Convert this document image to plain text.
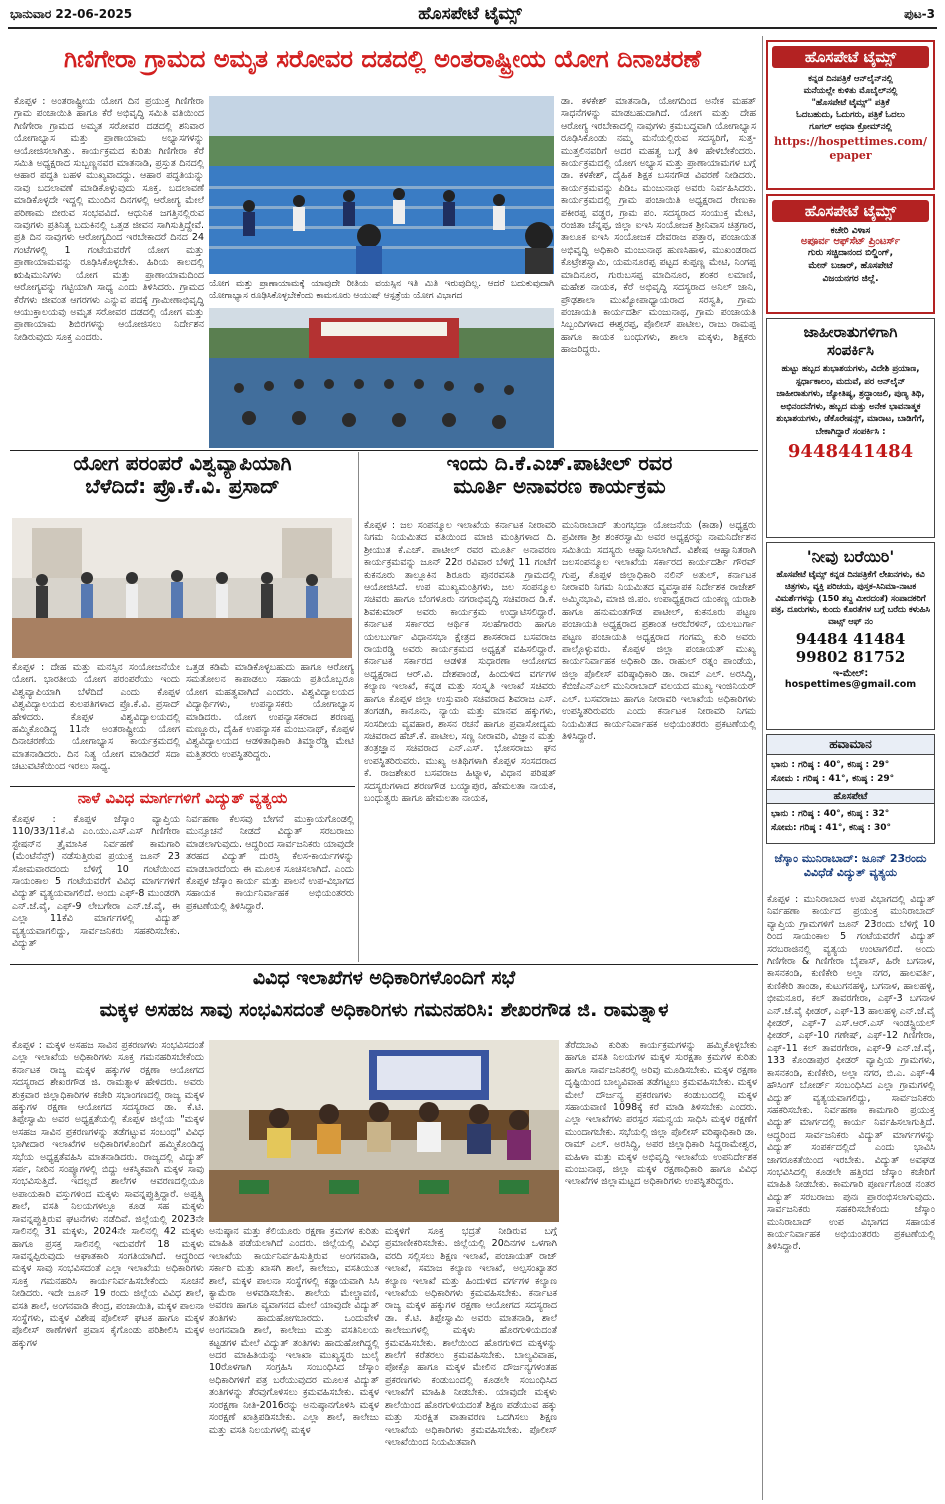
ಭಾನುವಾರ 22-06-2025	ಹೊಸಪೇಟೆ ಟೈಮ್ಸ್	ಪುಟ-3
ಗಿಣಿಗೇರಾ ಗ್ರಾಮದ ಅಮೃತ ಸರೋವರ ದಡದಲ್ಲಿ ಅಂತರಾಷ್ಟ್ರೀಯ ಯೋಗ ದಿನಾಚರಣೆ
ಕೊಪ್ಪಳ : ಅಂತರಾಷ್ಟ್ರೀಯ ಯೋಗ ದಿನ ಪ್ರಯುಕ್ತ ಗಿಣಿಗೇರಾ ಗ್ರಾಮ ಪಂಚಾಯಿತಿ ಹಾಗೂ ಕೆರೆ ಅಭಿವೃದ್ಧಿ ಸಮಿತಿ ವತಿಯಿಂದ ಗಿಣಿಗೇರಾ ಗ್ರಾಮದ ಅಮೃತ ಸರೋವರ ದಡದಲ್ಲಿ ಶನಿವಾರ ಯೋಗಾಭ್ಯಾಸ ಮತ್ತು ಪ್ರಾಣಾಯಾಮ ಅಭ್ಯಾಸಗಳನ್ನು ಆಯೋಜಿಸಲಾಗಿತ್ತು. ಕಾರ್ಯಕ್ರಮದ ಕುರಿತು ಗಿಣಿಗೇರಾ ಕೆರೆ ಸಮಿತಿ ಅಧ್ಯಕ್ಷರಾದ ಸುಬ್ಬಣ್ಣನವರ ಮಾತನಾಡಿ, ಪ್ರಸ್ತುತ ದಿನದಲ್ಲಿ ಆಹಾರ ಪದ್ಧತಿ ಬಹಳ ಮುಖ್ಯವಾದದ್ದು. ಆಹಾರ ಪದ್ಧತಿಯನ್ನು ನಾವು ಬದಲಾವಣೆ ಮಾಡಿಕೊಳ್ಳುವುದು ಸೂಕ್ತ. ಬದಲಾವಣೆ ಮಾಡಿಕೊಳ್ಳದೇ ಇದ್ದಲ್ಲಿ ಮುಂದಿನ ದಿನಗಳಲ್ಲಿ ಆರೋಗ್ಯ ಮೇಲೆ ಪರಿಣಾಮ ಬೀರುವ ಸಂಭವವಿದೆ. ಆಧುನಿಕ ಜಗತ್ತಿನಲ್ಲಿರುವ ನಾವುಗಳು ಪ್ರತಿನಿತ್ಯ ಬದುಕಿನಲ್ಲಿ ಒತ್ತಡ ಜೀವನ ಸಾಗಿಸುತ್ತಿದ್ದೇವೆ. ಪ್ರತಿ ದಿನ ನಾವುಗಳು ಆರೋಗ್ಯದಿಂದ ಇರಬೇಕಾದರೆ ದಿನದ 24 ಗಂಟೆಗಳಲ್ಲಿ 1 ಗಂಟೆಯವರೆಗೆ ಯೋಗ ಮತ್ತು ಪ್ರಾಣಾಯಾಮವನ್ನು ರೂಢಿಸಿಕೊಳ್ಳಬೇಕು. ಹಿರಿಯ ಕಾಲದಲ್ಲಿ ಋಷಿಮುನಿಗಳು ಯೋಗ ಮತ್ತು ಪ್ರಾಣಾಯಾಮದಿಂದ ಆರೋಗ್ಯವನ್ನು ಗಟ್ಟಿಯಾಗಿ ಸಾಧ್ಯ ಎಂದು ತಿಳಿಸಿದರು. ಗ್ರಾಮದ ಕೆರೆಗಳು ಜೀವಂತ ಆಗರಗಳು ಎನ್ನುವ ಪದಕ್ಕೆ ಗ್ರಾಮೀಣಾಭಿವೃದ್ಧಿ ಆಯುಕ್ತಾಲಯವು ಅಮೃತ ಸರೋವರ ದಡದಲ್ಲಿ ಯೋಗ ಮತ್ತು ಪ್ರಾಣಾಯಾಮ ಶಿಬಿರಗಳನ್ನು ಆಯೋಜಿಸಲು ನಿರ್ದೇಶನ ನೀಡಿರುವುದು ಸೂಕ್ತ ಎಂದರು.
ಡಾ. ಕಳಕೇಶ್ ಮಾತನಾಡಿ, ಯೋಗದಿಂದ ಅನೇಕ ಮಹತ್ ಸಾಧನೆಗಳನ್ನು ಮಾಡಬಹುದಾಗಿದೆ. ಯೋಗ ಮತ್ತು ದೇಹ ಆರೋಗ್ಯ ಇರಬೇಕಾದಲ್ಲಿ ನಾವುಗಳು ಕ್ರಮಬದ್ಧವಾಗಿ ಯೋಗಾಭ್ಯಾಸ ರೂಢಿಸಿಕೊಂಡು ನಮ್ಮ ಮನೆಯಲ್ಲಿರುವ ಸದಸ್ಯರಿಗೆ, ಸುತ್ತ-ಮುತ್ತಲಿನವರಿಗೆ ಅದರ ಮಹತ್ವ ಬಗ್ಗೆ ತಿಳಿ ಹೇಳಬೇಕೆಂದರು. ಕಾರ್ಯಕ್ರಮದಲ್ಲಿ ಯೋಗ ಅಭ್ಯಾಸ ಮತ್ತು ಪ್ರಾಣಾಯಾಮಗಳ ಬಗ್ಗೆ ಡಾ. ಕಳಕೇಶ್, ದೈಹಿಕ ಶಿಕ್ಷಕ ಬಸನಗೌಡ ವಿವರಣೆ ನೀಡಿದರು. ಕಾರ್ಯಕ್ರಮವನ್ನು ಪಿಡಿಒ ಮಂಜುನಾಥ ಅವರು ನಿರ್ವಹಿಸಿದರು. ಕಾರ್ಯಕ್ರಮದಲ್ಲಿ ಗ್ರಾಮ ಪಂಚಾಯಿತಿ ಅಧ್ಯಕ್ಷರಾದ ರೇಣುಕಾ ಪಕೀರಪ್ಪ ವಡ್ಡರ, ಗ್ರಾಮ ಪಂ. ಸದಸ್ಯರಾದ ಸಂಯುಕ್ತ ಮೇಟಿ, ರಂಜಿತಾ ಚೆನ್ನಪ್ಪ, ಜಿಲ್ಲಾ ಐಇಸಿ ಸಂಯೋಜಕ ಶ್ರೀನಿವಾಸ ಚಿತ್ರಗಾರ, ತಾಲೂಕ ಐಇಸಿ ಸಂಯೋಜಕ ದೇವರಾಜ ಪತ್ತಾರ, ಪಂಚಾಯತ ಅಭಿವೃದ್ಧಿ ಅಧಿಕಾರಿ ಮಂಜುನಾಥ ಹುಣಸಿಹಾಳ, ಮುಖಂಡರಾದ ಕೊಟ್ರೇಶಸ್ವಾಮಿ, ಯಮನೂರಪ್ಪ ಪಟ್ಟದ ಕುಪ್ಪಣ್ಣ ಮೇಟಿ, ನಿಂಗಪ್ಪ ಮಾದಿನೂರ, ಗುರುಬಸಪ್ಪ ಮಾದಿನೂರ, ಶಂಕರ ಲಮಾಣಿ, ಮಹೇಶ ನಾಯಕ, ಕೆರೆ ಅಭಿವೃದ್ಧಿ ಸದಸ್ಯರಾದ ಅನಿಲ್ ಜಾನಿ, ಪ್ರೌಢಶಾಲಾ ಮುಖ್ಯೋಪಾಧ್ಯಾಯರಾದ ಸರಸ್ವತಿ, ಗ್ರಾಮ ಪಂಚಾಯತಿ ಕಾರ್ಯದರ್ಶಿ ಮಂಜುನಾಥ, ಗ್ರಾಮ ಪಂಚಾಯತಿ ಸಿಬ್ಬಂದಿಗಳಾದ ಈಶ್ವರಪ್ಪ, ಪೊಲೀಸ್ ಪಾಟೀಲ, ರಾಜು ರಾಮಪ್ಪ ಹಾಗೂ ಕಾಯಕ ಬಂಧುಗಳು, ಶಾಲಾ ಮಕ್ಕಳು, ಶಿಕ್ಷಕರು ಹಾಜರಿದ್ದರು.
ಯೋಗ ಮತ್ತು ಪ್ರಾಣಾಯಾಮಕ್ಕೆ ಯಾವುದೇ ರೀತಿಯ ವಯಸ್ಸಿನ ಇತಿ ಮಿತಿ ಇರುವುದಿಲ್ಲ. ಆದರೆ ಬದುಕುವುದಾಗಿ ಯೋಗಾಭ್ಯಾಸ ರೂಢಿಸಿಕೊಳ್ಳಬೇಕೆಂದು ಕಾಮನೂರು ಆಯುಷ್ ಆಸ್ಪತ್ರೆಯ ಯೋಗ ವಿಭಾಗದ
ಹೊಸಪೇಟೆ ಟೈಮ್ಸ್
ಕನ್ನಡ ದಿನಪತ್ರಿಕೆ ಆನ್‌ಲೈನ್‌ನಲ್ಲಿ
ಮನೆಯಲ್ಲೇ ಕುಳಿತು ಮೊಬೈಲ್‌ನಲ್ಲಿ
"ಹೊಸಪೇಟೆ ಟೈಮ್ಸ್" ಪತ್ರಿಕೆ
ಓದಬಹುದು, ಓದುಗರು, ಪತ್ರಿಕೆ ಓದಲು
ಗೂಗಲ್ ಅಥವಾ ಕ್ರೋಮ್‌ನಲ್ಲಿ
https://hospettimes.com/epaper
ಹೊಸಪೇಟೆ ಟೈಮ್ಸ್
ಕಚೇರಿ ವಿಳಾಸ
ಅಪೂರ್ವ ಆಫ್‌ಸೆಟ್ ಪ್ರಿಂಟರ್ಸ್
ಗುರು ಸಚ್ಚಿದಾನಂದ ಬಿಲ್ಡಿಂಗ್,
ಮೇನ್ ಬಜಾರ್, ಹೊಸಪೇಟೆ
ವಿಜಯನಗರ ಜಿಲ್ಲೆ.
ಜಾಹೀರಾತುಗಳಿಗಾಗಿ
ಸಂಪರ್ಕಿಸಿ
ಹುಟ್ಟು ಹಬ್ಬದ ಶುಭಾಶಯಗಳು, ವಿದೇಶಿ ಪ್ರಯಾಣ, ಸ್ಪರ್ಧಾಕಾಲಂ, ಮದುವೆ, ಪರ ಆನ್‌ಲೈನ್ ಜಾಹೀರಾತುಗಳು, ಜ್ಯೋತಿಷ್ಯ, ಶ್ರದ್ಧಾಂಜಲಿ, ಪುಣ್ಯ ತಿಥಿ, ಅಭಿನಂದನೆಗಳು, ಹಬ್ಬದ ಮತ್ತು ಅನೇಕ ಭಾವನಾತ್ಮಕ ಶುಭಾಶಯಗಳು, ಡೆಕೊರೇಷನ್ಸ್, ಮಾರಾಟ, ಬಾಡಿಗೆಗೆ, ಬೇಕಾಗಿದ್ದಾರೆ ಸಂಪರ್ಕಿಸಿ :
9448441484
'ನೀವು ಬರೆಯಿರಿ'
ಹೊಸಪೇಟೆ ಟೈಮ್ಸ್ ಕನ್ನಡ ದಿನಪತ್ರಿಕೆಗೆ ಲೇಖನಗಳು, ಕವಿ ಚಿತ್ರಗಳು, ವ್ಯಕ್ತಿ ಪರಿಚಯ, ಪುಸ್ತಕ-ಸಿನಿಮಾ-ನಾಟಕ ವಿಮರ್ಶೆಗಳನ್ನು (150 ಶಬ್ದ ಮೀರದಂತೆ) ಸಂಪಾದಕರಿಗೆ ಪತ್ರ, ದೂರುಗಳು, ಕುಂದು ಕೊರತೆಗಳ ಬಗ್ಗೆ ಬರೆದು ಕಳುಹಿಸಿ ವಾಟ್ಸ್ ಆಫ್ ನಂ
94484 41484
99802 81752
ಇ-ಮೇಲ್: hospettimes@gmail.com
ಹವಾಮಾನ
ಭಾನು : ಗರಿಷ್ಠ : 40°, ಕನಿಷ್ಠ : 29°
ಸೋಮ : ಗರಿಷ್ಠ : 41°, ಕನಿಷ್ಠ : 29°
ಹೊಸಪೇಟೆ
ಭಾನು : ಗರಿಷ್ಠ : 40°, ಕನಿಷ್ಠ : 32°
ಸೋಮ: ಗರಿಷ್ಠ : 41°, ಕನಿಷ್ಠ : 30°
ಜೆಸ್ಕಾಂ ಮುನಿರಾಬಾದ್: ಜೂನ್ 23ರಂದು ವಿವಿಧೆಡೆ ವಿದ್ಯುತ್ ವ್ಯತ್ಯಯ
ಕೊಪ್ಪಳ : ಮುನಿರಾಬಾದ ಉಪ ವಿಭಾಗದಲ್ಲಿ ವಿದ್ಯುತ್ ನಿರ್ವಹಣಾ ಕಾರ್ಯದ ಪ್ರಯುಕ್ತ ಮುನಿರಾಬಾದ್ ವ್ಯಾಪ್ತಿಯ ಗ್ರಾಮಗಳಿಗೆ ಜೂನ್ 23ರಂದು ಬೆಳಿಗ್ಗೆ 10 ರಿಂದ ಸಾಯಂಕಾಲ 5 ಗಂಟೆಯವರೆಗೆ ವಿದ್ಯುತ್ ಸರಬರಾಜಿನಲ್ಲಿ ವ್ಯತ್ಯಯ ಉಂಟಾಗಲಿದೆ. ಅಂದು ಗಿಣಿಗೇರಾ & ಗಿಣಿಗೇರಾ ಬೈಪಾಸ್, ಹಿರೇ ಬಗನಾಳ, ಕಾಸನಕಂಡಿ, ಕುಣಿಕೇರಿ ಅಲ್ಲಾ ನಗರ, ಹಾಲವರ್ತಿ, ಕುಣಿಕೇರಿ ತಾಂಡಾ, ಕುಟುಗನಹಳ್ಳಿ, ಬಗನಾಳ, ಹಾಲಹಳ್ಳಿ, ಭೀಮನೂರ, ಕಲ್ ತಾವರಗೇರಾ, ಎಫ್-3 ಬಗನಾಳ ಎನ್.ಜೆ.ವೈ ಫೀಡರ್, ಎಫ್-13 ಹಾಲಹಳ್ಳಿ ಎನ್.ಜೆ.ವೈ ಫೀಡರ್, ಎಫ್-7 ಎಸ್.ಆರ್.ಎಸ್ ಇಂಡಸ್ಟ್ರಿಯಲ್ ಫೀಡರ್, ಎಫ್-10 ಗಣೇಷ್, ಎಫ್-12 ಗಿಣಿಗೇರಾ, ಎಫ್-11 ಕಲ್ ತಾವರಗೇರಾ, ಎಫ್-9 ಎನ್.ಜೆ.ವೈ, 133 ಕೊಂಡಾಪುರ ಫೀಡರ್ ವ್ಯಾಪ್ತಿಯ ಗ್ರಾಮಗಳು, ಕಾಸನಕಂಡಿ, ಕುಣಿಕೇರಿ, ಅಲ್ಲಾ ನಗರ, ಬಿ.ಎ. ಎಫ್-4 ಹೌಸಿಂಗ್ ಬೋರ್ಡ್ ಸಂಬಂಧಿಸಿದ ಎಲ್ಲಾ ಗ್ರಾಮಗಳಲ್ಲಿ ವಿದ್ಯುತ್ ವ್ಯತ್ಯಯವಾಗಲಿದ್ದು, ಸಾರ್ವಜನಿಕರು ಸಹಕರಿಸಬೇಕು. ನಿರ್ವಹಣಾ ಕಾಮಗಾರಿ ಪ್ರಯುಕ್ತ ವಿದ್ಯುತ್ ಮಾರ್ಗದಲ್ಲಿ ಕಾರ್ಯ ನಿರ್ವಹಿಸಲಾಗುತ್ತಿದೆ. ಆದ್ದರಿಂದ ಸಾರ್ವಜನಿಕರು ವಿದ್ಯುತ್ ಮಾರ್ಗಗಳನ್ನು ವಿದ್ಯುತ್ ಸಂಪರ್ಕದಲ್ಲಿದೆ ಎಂದು ಭಾವಿಸಿ ಜಾಗರೂಕತೆಯಿಂದ ಇರಬೇಕು. ವಿದ್ಯುತ್ ಅವಘಡ ಸಂಭವಿಸಿದಲ್ಲಿ ಕೂಡಲೇ ಹತ್ತಿರದ ಜೆಸ್ಕಾಂ ಕಚೇರಿಗೆ ಮಾಹಿತಿ ನೀಡಬೇಕು. ಕಾಮಗಾರಿ ಪೂರ್ಣಗೊಂಡ ನಂತರ ವಿದ್ಯುತ್ ಸರಬರಾಜು ಪುನಃ ಪ್ರಾರಂಭಿಸಲಾಗುವುದು. ಸಾರ್ವಜನಿಕರು ಸಹಕರಿಸಬೇಕೆಂದು ಜೆಸ್ಕಾಂ ಮುನಿರಾಬಾದ್ ಉಪ ವಿಭಾಗದ ಸಹಾಯಕ ಕಾರ್ಯನಿರ್ವಾಹಕ ಅಭಿಯಂತರರು ಪ್ರಕಟಣೆಯಲ್ಲಿ ತಿಳಿಸಿದ್ದಾರೆ.
ಯೋಗ ಪರಂಪರೆ ವಿಶ್ವವ್ಯಾಪಿಯಾಗಿ
ಬೆಳೆದಿದೆ: ಪ್ರೊ.ಕೆ.ವಿ. ಪ್ರಸಾದ್
ಕೊಪ್ಪಳ : ದೇಹ ಮತ್ತು ಮನಸ್ಸಿನ ಸಂಯೋಜನೆಯೇ ಯೋಗ. ಭಾರತೀಯ ಯೋಗ ಪರಂಪರೆಯು ಇಂದು ವಿಶ್ವವ್ಯಾಪಿಯಾಗಿ ಬೆಳೆದಿದೆ ಎಂದು ಕೊಪ್ಪಳ ವಿಶ್ವವಿದ್ಯಾಲಯದ ಕುಲಪತಿಗಳಾದ ಪ್ರೊ.ಕೆ.ವಿ. ಪ್ರಸಾದ್ ಹೇಳಿದರು. ಕೊಪ್ಪಳ ವಿಶ್ವವಿದ್ಯಾಲಯದಲ್ಲಿ ಹಮ್ಮಿಕೊಂಡಿದ್ದ 11ನೇ ಅಂತರಾಷ್ಟ್ರೀಯ ಯೋಗ ದಿನಾಚರಣೆಯ ಯೋಗಾಭ್ಯಾಸ ಕಾರ್ಯಕ್ರಮದಲ್ಲಿ ಮಾತನಾಡಿದರು. ದಿನ ನಿತ್ಯ ಯೋಗ ಮಾಡಿದರೆ ಸದಾ ಚಟುವಟಿಕೆಯಿಂದ ಇರಲು ಸಾಧ್ಯ.
ಒತ್ತಡ ಕಡಿಮೆ ಮಾಡಿಕೊಳ್ಳಬಹುದು ಹಾಗೂ ಆರೋಗ್ಯ ಸಮತೋಲನ ಕಾಪಾಡಲು ಸಹಾಯ ಪ್ರತಿಯೊಬ್ಬರೂ ಯೋಗ ಮಹತ್ವವಾಗಿದೆ ಎಂದರು. ವಿಶ್ವವಿದ್ಯಾಲಯದ ವಿದ್ಯಾರ್ಥಿಗಳು, ಉಪನ್ಯಾಸಕರು ಯೋಗಾಭ್ಯಾಸ ಮಾಡಿದರು. ಯೋಗ ಉಪನ್ಯಾಸಕರಾದ ಶರಣಪ್ಪ ಮಣ್ಣೂರು, ದೈಹಿಕ ಉಪನ್ಯಾಸಕ ಮಂಜುನಾಥ್, ಕೊಪ್ಪಳ ವಿಶ್ವವಿದ್ಯಾಲಯದ ಆಡಳಿತಾಧಿಕಾರಿ ತಿಮ್ಮಾರೆಡ್ಡಿ ಮೇಟಿ ಮತ್ತಿತರರು ಉಪಸ್ಥಿತರಿದ್ದರು.
ನಾಳೆ ವಿವಿಧ ಮಾರ್ಗಗಳಿಗೆ ವಿದ್ಯುತ್ ವ್ಯತ್ಯಯ
ಕೊಪ್ಪಳ : ಕೊಪ್ಪಳ ಜೆಸ್ಕಾಂ ವ್ಯಾಪ್ತಿಯ 110/33/11ಕೆ.ವಿ ಎಂ.ಯು.ಎಸ್.ಎಸ್ ಗಿಣಿಗೇರಾ ಸ್ಟೇಷನ್‌ನ ತ್ರೈಮಾಸಿಕ ನಿರ್ವಹಣೆ ಕಾಮಗಾರಿ (ಮೆಂಟೆನೆನ್ಸ್) ನಡೆಸುತ್ತಿರುವ ಪ್ರಯುಕ್ತ ಜೂನ್ 23 ಸೋಮವಾರದಂದು ಬೆಳಿಗ್ಗೆ 10 ಗಂಟೆಯಿಂದ ಸಾಯಂಕಾಲ 5 ಗಂಟೆಯವರೆಗೆ ವಿವಿಧ ಮಾರ್ಗಗಳಿಗೆ ವಿದ್ಯುತ್ ವ್ಯತ್ಯಯವಾಗಲಿದೆ. ಅಂದು ಎಫ್-8 ಮುಂಡರಗಿ ಎನ್.ಜೆ.ವೈ, ಎಫ್-9 ಲೇಬಗೇರಾ ಎನ್.ಜೆ.ವೈ, ಈ ಎಲ್ಲಾ 11ಕೆವಿ ಮಾರ್ಗಗಳಲ್ಲಿ ವಿದ್ಯುತ್ ವ್ಯತ್ಯಯವಾಗಲಿದ್ದು, ಸಾರ್ವಜನಿಕರು ಸಹಕರಿಸಬೇಕು. ವಿದ್ಯುತ್
ನಿರ್ವಹಣಾ ಕೆಲಸವು ಬೇಗನೆ ಮುಕ್ತಾಯಗೊಂಡಲ್ಲಿ ಮುನ್ಸೂಚನೆ ನೀಡದೆ ವಿದ್ಯುತ್ ಸರಬರಾಜು ಮಾಡಲಾಗುವುದು. ಆದ್ದರಿಂದ ಸಾರ್ವಜನಿಕರು ಯಾವುದೇ ತರಹದ ವಿದ್ಯುತ್ ದುರಸ್ತಿ ಕೆಲಸ-ಕಾರ್ಯಗಳನ್ನು ಮಾಡಬಾರದೆಂದು ಈ ಮೂಲಕ ಸೂಚಿಸಲಾಗಿದೆ. ಎಂದು ಕೊಪ್ಪಳ ಜೆಸ್ಕಾಂ ಕಾರ್ಯ ಮತ್ತು ಪಾಲನೆ ಉಪ-ವಿಭಾಗದ ಸಹಾಯಕ ಕಾರ್ಯನಿರ್ವಾಹಕ ಅಭಿಯಂತರರು ಪ್ರಕಟಣೆಯಲ್ಲಿ ತಿಳಿಸಿದ್ದಾರೆ.
ಇಂದು ದಿ.ಕೆ.ಎಚ್.ಪಾಟೀಲ್ ರವರ
ಮೂರ್ತಿ ಅನಾವರಣ ಕಾರ್ಯಕ್ರಮ
ಕೊಪ್ಪಳ : ಜಲ ಸಂಪನ್ಮೂಲ ಇಲಾಖೆಯ ಕರ್ನಾಟಕ ನೀರಾವರಿ ನಿಗಮ ನಿಯಮಿತದ ವತಿಯಿಂದ ಮಾಜಿ ಮಂತ್ರಿಗಳಾದ ದಿ. ಶ್ರೀಯುತ ಕೆ.ಎಚ್. ಪಾಟೀಲ್ ರವರ ಮೂರ್ತಿ ಅನಾವರಣ ಕಾರ್ಯಕ್ರಮವನ್ನು ಜೂನ್ 22ರ ರವಿವಾರ ಬೆಳಿಗ್ಗೆ 11 ಗಂಟೆಗೆ ಕುಕನೂರು ತಾಲ್ಲೂಕಿನ ಶಿರೂರು ಪುನರವಸತಿ ಗ್ರಾಮದಲ್ಲಿ ಆಯೋಜಿಸಿದೆ. ಉಪ ಮುಖ್ಯಮಂತ್ರಿಗಳು, ಜಲ ಸಂಪನ್ಮೂಲ ಸಚಿವರು ಹಾಗೂ ಬೆಂಗಳೂರು ನಗರಾಭಿವೃದ್ಧಿ ಸಚಿವರಾದ ಡಿ.ಕೆ. ಶಿವಕುಮಾರ್ ಅವರು ಕಾರ್ಯಕ್ರಮ ಉದ್ಘಾಟಿಸಲಿದ್ದಾರೆ. ಕರ್ನಾಟಕ ಸರ್ಕಾರದ ಆರ್ಥಿಕ ಸಲಹೆಗಾರರು ಹಾಗೂ ಯಲಬುರ್ಗಾ ವಿಧಾನಸಭಾ ಕ್ಷೇತ್ರದ ಶಾಸಕರಾದ ಬಸವರಾಜ ರಾಯರಡ್ಡಿ ಅವರು ಕಾರ್ಯಕ್ರಮದ ಅಧ್ಯಕ್ಷತೆ ವಹಿಸಲಿದ್ದಾರೆ. ಕರ್ನಾಟಕ ಸರ್ಕಾರದ ಆಡಳಿತ ಸುಧಾರಣಾ ಆಯೋಗದ ಅಧ್ಯಕ್ಷರಾದ ಆರ್.ವಿ. ದೇಶಪಾಂಡೆ, ಹಿಂದುಳಿದ ವರ್ಗಗಳ ಕಲ್ಯಾಣ ಇಲಾಖೆ, ಕನ್ನಡ ಮತ್ತು ಸಂಸ್ಕೃತಿ ಇಲಾಖೆ ಸಚಿವರು ಹಾಗೂ ಕೊಪ್ಪಳ ಜಿಲ್ಲಾ ಉಸ್ತುವಾರಿ ಸಚಿವರಾದ ಶಿವರಾಜ ಎಸ್. ತಂಗಡಗಿ, ಕಾನೂನು, ನ್ಯಾಯ ಮತ್ತು ಮಾನವ ಹಕ್ಕುಗಳು, ಸಂಸದೀಯ ವ್ಯವಹಾರ, ಶಾಸನ ರಚನೆ ಹಾಗೂ ಪ್ರವಾಸೋದ್ಯಮ ಸಚಿವರಾದ ಹೆಚ್.ಕೆ. ಪಾಟೀಲ, ಸಣ್ಣ ನೀರಾವರಿ, ವಿಜ್ಞಾನ ಮತ್ತು ತಂತ್ರಜ್ಞಾನ ಸಚಿವರಾದ ಎನ್.ಎಸ್. ಭೋಸರಾಜು ಘನ ಉಪಸ್ಥಿತರಿರುವರು. ಮುಖ್ಯ ಅತಿಥಿಗಳಾಗಿ ಕೊಪ್ಪಳ ಸಂಸದರಾದ ಕೆ. ರಾಜಶೇಖರ ಬಸವರಾಜ ಹಿಟ್ನಾಳ, ವಿಧಾನ ಪರಿಷತ್ ಸದಸ್ಯರುಗಳಾದ ಶರಣಗೌಡ ಬಯ್ಯಾಪುರ, ಹೇಮಲತಾ ನಾಯಕ, ಬಂಧುತ್ವರು ಹಾಗೂ ಹೇಮಲತಾ ನಾಯಕ,
ಮುನಿರಾಬಾದ್ ತುಂಗಭದ್ರಾ ಯೋಜನೆಯ (ಕಾಡಾ) ಅಧ್ಯಕ್ಷರು ಪ್ರವೀಣಾ ಶ್ರೀ ಶಂಕರಸ್ವಾಮಿ ಅವರ ಅಧ್ಯಕ್ಷರನ್ನು ನಾಮನಿರ್ದೇಶನ ಸಮಿತಿಯ ಸದಸ್ಯರು ಆಹ್ವಾನಿಸಲಾಗಿದೆ. ವಿಶೇಷ ಆಹ್ವಾನಿತರಾಗಿ ಜಲಸಂಪನ್ಮೂಲ ಇಲಾಖೆಯ ಸರ್ಕಾರದ ಕಾರ್ಯದರ್ಶಿ ಗೌರವ್ ಗುಪ್ತ, ಕೊಪ್ಪಳ ಜಿಲ್ಲಾಧಿಕಾರಿ ನಲಿನ್ ಅತುಲ್, ಕರ್ನಾಟಕ ನೀರಾವರಿ ನಿಗಮ ನಿಯಮಿತದ ವ್ಯವಸ್ಥಾಪಕ ನಿರ್ದೇಶಕ ರಾಜೇಶ್ ಅಮ್ಮಿನಭಾವಿ, ಮಾಜಿ ಜಿ.ಪಂ. ಉಪಾಧ್ಯಕ್ಷರಾದ ಯಂಕಣ್ಣ ಯರಾಶಿ ಹಾಗೂ ಹನುಮಂತಗೌಡ ಪಾಟೀಲ್, ಕುಕನೂರು ಪಟ್ಟಣ ಪಂಚಾಯತಿ ಅಧ್ಯಕ್ಷರಾದ ಪ್ರಶಾಂತ ಆರಬೆರಳಿನ್, ಯಲಬುರ್ಗಾ ಪಟ್ಟಣ ಪಂಚಾಯತಿ ಅಧ್ಯಕ್ಷರಾದ ಗಂಗಮ್ಮ ಕುರಿ ಅವರು ಪಾಲ್ಗೊಳ್ಳುವರು. ಕೊಪ್ಪಳ ಜಿಲ್ಲಾ ಪಂಚಾಯತ್ ಮುಖ್ಯ ಕಾರ್ಯನಿರ್ವಾಹಕ ಅಧಿಕಾರಿ ಡಾ. ರಾಹುಲ್ ರತ್ನಂ ಪಾಂಡೆಯ, ಜಿಲ್ಲಾ ಪೊಲೀಸ್ ವರಿಷ್ಠಾಧಿಕಾರಿ ಡಾ. ರಾಮ್ ಎಲ್. ಅರಸಿದ್ದಿ, ಕೆಬಿಜೆಎನ್‌ಎಲ್ ಮುನಿರಾಬಾದ್ ವಲಯದ ಮುಖ್ಯ ಇಂಜಿನಿಯರ್ ಎಲ್. ಬಸವರಾಜು ಹಾಗೂ ನೀರಾವರಿ ಇಲಾಖೆಯ ಅಧಿಕಾರಿಗಳು ಉಪಸ್ಥಿತರಿರುವರು ಎಂದು ಕರ್ನಾಟಕ ನೀರಾವರಿ ನಿಗಮ ನಿಯಮಿತದ ಕಾರ್ಯನಿರ್ವಾಹಕ ಅಭಿಯಂತರರು ಪ್ರಕಟಣೆಯಲ್ಲಿ ತಿಳಿಸಿದ್ದಾರೆ.
ವಿವಿಧ ಇಲಾಖೆಗಳ ಅಧಿಕಾರಿಗಳೊಂದಿಗೆ ಸಭೆ
ಮಕ್ಕಳ ಅಸಹಜ ಸಾವು ಸಂಭವಿಸದಂತೆ ಅಧಿಕಾರಿಗಳು ಗಮನಹರಿಸಿ: ಶೇಖರಗೌಡ ಜಿ. ರಾಮತ್ನಾಳ
ಕೊಪ್ಪಳ : ಮಕ್ಕಳ ಅಸಹಜ ಸಾವಿನ ಪ್ರಕರಣಗಳು ಸಂಭವಿಸದಂತೆ ಎಲ್ಲಾ ಇಲಾಖೆಯ ಅಧಿಕಾರಿಗಳು ಸೂಕ್ತ ಗಮನಹರಿಸಬೇಕೆಂದು ಕರ್ನಾಟಕ ರಾಜ್ಯ ಮಕ್ಕಳ ಹಕ್ಕುಗಳ ರಕ್ಷಣಾ ಆಯೋಗದ ಸದಸ್ಯರಾದ ಶೇಖರಗೌಡ ಜಿ. ರಾಮತ್ನಾಳ ಹೇಳಿದರು. ಅವರು ಶುಕ್ರವಾರ ಜಿಲ್ಲಾಧಿಕಾರಿಗಳ ಕಚೇರಿ ಸಭಾಂಗಣದಲ್ಲಿ ರಾಜ್ಯ ಮಕ್ಕಳ ಹಕ್ಕುಗಳ ರಕ್ಷಣಾ ಆಯೋಗದ ಸದಸ್ಯರಾದ ಡಾ. ಕೆ.ಟಿ. ತಿಪ್ಪೇಸ್ವಾಮಿ ಅವರ ಅಧ್ಯಕ್ಷತೆಯಲ್ಲಿ ಕೊಪ್ಪಳ ಜಿಲ್ಲೆಯ "ಮಕ್ಕಳ ಅಸಹಜ ಸಾವಿನ ಪ್ರಕರಣಗಳನ್ನು ತಡೆಗಟ್ಟುವ ಸಂಬಂಧ" ವಿವಿಧ ಭಾಗೀದಾರ ಇಲಾಖೆಗಳ ಅಧಿಕಾರಿಗಳೊಂದಿಗೆ ಹಮ್ಮಿಕೊಂಡಿದ್ದ ಸಭೆಯ ಅಧ್ಯಕ್ಷತೆವಹಿಸಿ ಮಾತನಾಡಿದರು. ರಾಜ್ಯದಲ್ಲಿ ವಿದ್ಯುತ್ ಸರ್ಪ, ನೀರಿನ ಸಂಪ್ಯೂಗಳಲ್ಲಿ ಬಿದ್ದು ಆಕಸ್ಮಿಕವಾಗಿ ಮಕ್ಕಳ ಸಾವು ಸಂಭವಿಸುತ್ತಿದೆ. ಇದಲ್ಲದೆ ಶಾಲೆಗಳ ಆವರಣದಲ್ಲಿಯೂ ಅಪಾಯಕಾರಿ ವಸ್ತುಗಳಿಂದ ಮಕ್ಕಳು ಸಾವನ್ನಪ್ಪುತ್ತಿದ್ದಾರೆ. ಅಪ್ಪತ್ಸ್ನಿ ಶಾಲೆ, ವಸತಿ ನಿಲಯಗಳಲ್ಲೂ ಕೂಡ ಸಹ ಮಕ್ಕಳು ಸಾವನ್ನಪ್ಪುತ್ತಿರುವ ಘಟನೆಗಳು ನಡೆದಿವೆ. ಜಿಲ್ಲೆಯಲ್ಲಿ 2023ನೇ ಸಾಲಿನಲ್ಲಿ 31 ಮಕ್ಕಳು, 2024ನೇ ಸಾಲಿನಲ್ಲಿ 42 ಮಕ್ಕಳು ಹಾಗೂ ಪ್ರಸಕ್ತ ಸಾಲಿನಲ್ಲಿ ಇದುವರೆಗೆ 18 ಮಕ್ಕಳು ಸಾವನ್ನಪ್ಪಿರುವುದು ಆಘಾತಕಾರಿ ಸಂಗತಿಯಾಗಿದೆ. ಆದ್ದರಿಂದ ಮಕ್ಕಳ ಸಾವು ಸಂಭವಿಸದಂತೆ ಎಲ್ಲಾ ಇಲಾಖೆಯ ಅಧಿಕಾರಿಗಳು ಸೂಕ್ತ ಗಮನಹರಿಸಿ ಕಾರ್ಯನಿರ್ವಹಿಸಬೇಕೆಂದು ಸೂಚನೆ ನೀಡಿದರು. ಇದೇ ಜೂನ್ 19 ರಂದು ಜಿಲ್ಲೆಯ ವಿವಿಧ ಶಾಲೆ, ವಸತಿ ಶಾಲೆ, ಅಂಗನವಾಡಿ ಕೇಂದ್ರ, ಪಂಚಾಯಿತಿ, ಮಕ್ಕಳ ಪಾಲನಾ ಸಂಸ್ಥೆಗಳು, ಮಕ್ಕಳ ವಿಶೇಷ ಪೊಲೀಸ್ ಘಟಕ ಹಾಗೂ ಮಕ್ಕಳ ಪೊಲೀಸ್ ಠಾಣೆಗಳಿಗೆ ಪ್ರವಾಸ ಕೈಗೊಂಡು ಪರಿಶೀಲಿಸಿ ಮಕ್ಕಳ ಹಕ್ಕುಗಳ
ಅನುಷ್ಠಾನ ಮತ್ತು ಕೆಲಿಯೂರು ರಕ್ಷಣಾ ಕ್ರಮಗಳ ಕುರಿತು ಮಾಹಿತಿ ಪಡೆಯಲಾಗಿದೆ ಎಂದರು. ಜಿಲ್ಲೆಯಲ್ಲಿ ವಿವಿಧ ಇಲಾಖೆಯ ಕಾರ್ಯನಿರ್ವಹಿಸುತ್ತಿರುವ ಅಂಗನವಾಡಿ, ಸರ್ಕಾರಿ ಮತ್ತು ಖಾಸಗಿ ಶಾಲೆ, ಕಾಲೇಜು, ವಸತಿಯುತ ಶಾಲೆ, ಮಕ್ಕಳ ಪಾಲನಾ ಸಂಸ್ಥೆಗಳಲ್ಲಿ ಕಡ್ಡಾಯವಾಗಿ ಸಿಸಿ ಕ್ಯಾಮೆರಾ ಅಳವಡಿಸಬೇಕು. ಶಾಲೆಯ ಮೇಲ್ಚಾವಣಿ, ಅವರಣ ಹಾಗೂ ವ್ಯವಾಗನದ ಮೇಲೆ ಯಾವುದೇ ವಿದ್ಯುತ್ ತಂತಿಗಳು ಹಾದುಹೋಗಬಾರದು. ಒಂದುವೇಳೆ ಅಂಗನವಾಡಿ ಶಾಲೆ, ಕಾಲೇಜು ಮತ್ತು ವಸತಿನಿಲಯ ಕಟ್ಟಡಗಳ ಮೇಲೆ ವಿದ್ಯುತ್ ತಂತಿಗಳು ಹಾದುಹೋಗಿದ್ದಲ್ಲಿ ಅದರ ಮಾಹಿತಿಯನ್ನು ಇಲಾಖಾ ಮುಖ್ಯಸ್ಥರು ಜುಲೈ 10ರೊಳಗಾಗಿ ಸಂಗ್ರಹಿಸಿ ಸಂಬಂಧಿಸಿದ ಜೆಸ್ಕಾಂ ಅಧಿಕಾರಿಗಳಿಗೆ ಪತ್ರ ಬರೆಯುವುದರ ಮೂಲಕ ವಿದ್ಯುತ್ ತಂತಿಗಳನ್ನು ತೆರವುಗೊಳಿಸಲು ಕ್ರಮವಹಿಸಬೇಕು. ಮಕ್ಕಳ ಸಂರಕ್ಷಣಾ ನೀತಿ-2016ರನ್ನು ಅನುಷ್ಠಾನಗೊಳಿಸಿ ಮಕ್ಕಳ ಸಂರಕ್ಷಣೆ ಖಾತ್ರಿಪಡಿಸಬೇಕು. ಎಲ್ಲಾ ಶಾಲೆ, ಕಾಲೇಜು ಮತ್ತು ವಸತಿ ನಿಲಯಗಳಲ್ಲಿ ಮಕ್ಕಳ
ಮಕ್ಕಳಿಗೆ ಸೂಕ್ತ ಭದ್ರತೆ ನೀಡಿರುವ ಬಗ್ಗೆ ಪ್ರಮಾಣೀಕರಿಸಬೇಕು. ಜಿಲ್ಲೆಯಲ್ಲಿ 20ದಿನಗಳ ಒಳಗಾಗಿ ವರದಿ ಸಲ್ಲಿಸಲು ಶಿಕ್ಷಣ ಇಲಾಖೆ, ಪಂಚಾಯತ್ ರಾಜ್ ಇಲಾಖೆ, ಸಮಾಜ ಕಲ್ಯಾಣ ಇಲಾಖೆ, ಅಲ್ಪಸಂಖ್ಯಾತರ ಕಲ್ಯಾಣ ಇಲಾಖೆ ಮತ್ತು ಹಿಂದುಳಿದ ವರ್ಗಗಳ ಕಲ್ಯಾಣ ಇಲಾಖೆಯ ಅಧಿಕಾರಿಗಳು ಕ್ರಮವಹಿಸಬೇಕು. ಕರ್ನಾಟಕ ರಾಜ್ಯ ಮಕ್ಕಳ ಹಕ್ಕುಗಳ ರಕ್ಷಣಾ ಆಯೋಗದ ಸದಸ್ಯರಾದ ಡಾ. ಕೆ.ಟಿ. ತಿಪ್ಪೇಸ್ವಾಮಿ ಅವರು ಮಾತನಾಡಿ, ಶಾಲೆ ಕಾಲೇಜುಗಳಲ್ಲಿ ಮಕ್ಕಳು ಹೊರಗುಳಿಯದಂತೆ ಕ್ರಮವಹಿಸಬೇಕು. ಶಾಲೆಯಿಂದ ಹೊರಗುಳಿದ ಮಕ್ಕಳನ್ನು ಶಾಲೆಗೆ ಕರೆತರಲು ಕ್ರಮವಹಿಸಬೇಕು. ಬಾಲ್ಯವಿವಾಹ, ಪೋಕ್ಸೊ ಹಾಗೂ ಮಕ್ಕಳ ಮೇಲಿನ ದೌರ್ಜನ್ಯಗಳಂತಹ ಪ್ರಕರಣಗಳು ಕಂಡುಬಂದಲ್ಲಿ ಕೂಡಲೇ ಸಂಬಂಧಿಸಿದ ಇಲಾಖೆಗೆ ಮಾಹಿತಿ ನೀಡಬೇಕು. ಯಾವುದೇ ಮಕ್ಕಳು ಶಾಲೆಯಿಂದ ಹೊರಗುಳಿಯದಂತೆ ಶಿಕ್ಷಣ ಪಡೆಯುವ ಹಕ್ಕು ಮತ್ತು ಸುರಕ್ಷಿತ ವಾತಾವರಣ ಒದಗಿಸಲು ಶಿಕ್ಷಣ ಇಲಾಖೆಯ ಅಧಿಕಾರಿಗಳು ಕ್ರಮವಹಿಸಬೇಕು. ಪೊಲೀಸ್ ಇಲಾಖೆಯಿಂದ ನಿಯಮಿತವಾಗಿ
ತೆರೆದಬಾವಿ ಕುರಿತು ಕಾರ್ಯಕ್ರಮಗಳನ್ನು ಹಮ್ಮಿಕೊಳ್ಳಬೇಕು ಹಾಗೂ ವಸತಿ ನಿಲಯಗಳ ಮಕ್ಕಳ ಸುರಕ್ಷತಾ ಕ್ರಮಗಳ ಕುರಿತು ಹಾಗೂ ಸಾರ್ವಜನಿಕರಲ್ಲಿ ಅರಿವು ಮೂಡಿಸಬೇಕು. ಮಕ್ಕಳ ರಕ್ಷಣಾ ದೃಷ್ಟಿಯಿಂದ ಬಾಲ್ಯವಿವಾಹ ತಡೆಗಟ್ಟಲು ಕ್ರಮವಹಿಸಬೇಕು. ಮಕ್ಕಳ ಮೇಲೆ ದೌರ್ಜನ್ಯ ಪ್ರಕರಣಗಳು ಕಂಡುಬಂದಲ್ಲಿ ಮಕ್ಕಳ ಸಹಾಯವಾಣಿ 1098ಕ್ಕೆ ಕರೆ ಮಾಡಿ ತಿಳಿಸಬೇಕು ಎಂದರು. ಎಲ್ಲಾ ಇಲಾಖೆಗಳು ಪರಸ್ಪರ ಸಮನ್ವಯ ಸಾಧಿಸಿ ಮಕ್ಕಳ ರಕ್ಷಣೆಗೆ ಮುಂದಾಗಬೇಕು. ಸಭೆಯಲ್ಲಿ ಜಿಲ್ಲಾ ಪೊಲೀಸ್ ವರಿಷ್ಠಾಧಿಕಾರಿ ಡಾ. ರಾಮ್ ಎಲ್. ಅರಸಿದ್ದಿ, ಅಪರ ಜಿಲ್ಲಾಧಿಕಾರಿ ಸಿದ್ದರಾಮೇಶ್ವರ, ಮಹಿಳಾ ಮತ್ತು ಮಕ್ಕಳ ಅಭಿವೃದ್ಧಿ ಇಲಾಖೆಯ ಉಪನಿರ್ದೇಶಕ ಮಂಜುನಾಥ, ಜಿಲ್ಲಾ ಮಕ್ಕಳ ರಕ್ಷಣಾಧಿಕಾರಿ ಹಾಗೂ ವಿವಿಧ ಇಲಾಖೆಗಳ ಜಿಲ್ಲಾಮಟ್ಟದ ಅಧಿಕಾರಿಗಳು ಉಪಸ್ಥಿತರಿದ್ದರು.
